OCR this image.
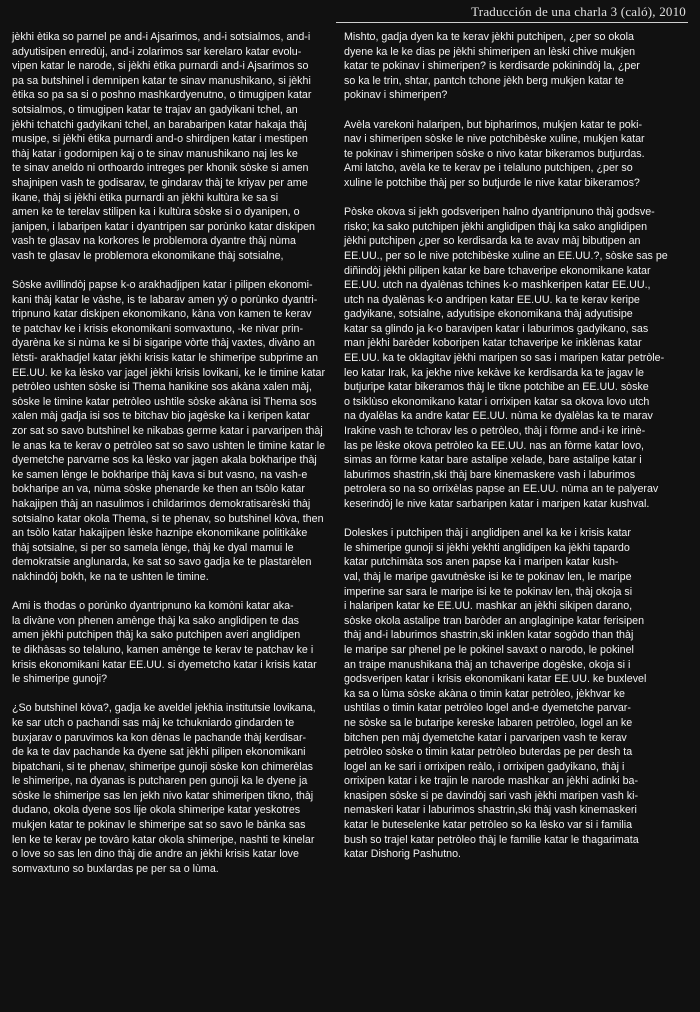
Traducción de una charla 3 (caló), 2010

jèkhi ètika so parnel pe and-i Ajsarimos, and-i sotsialmos, and-i
adyutisipen enredùj, and-i zolarimos sar kerelaro katar evolu-
vipen katar le narode, si jèkhi ètika purnardi and-i Ajsarimos so
pa sa butshinel i demnipen katar te sinav manushikano, si jèkhi
ètika so pa sa si o poshno mashkardyenutno, o timugipen katar
sotsialmos, o timugipen katar te trajav an gadyikani tchel, an
jèkhi tchatchi gadyikani tchel, an barabaripen katar hakaja thàj
musipe, si jèkhi ètika purnardi and-o shirdipen katar i mestipen
thàj katar i godornipen kaj o te sinav manushikano naj les ke
te sinav aneldo ni orthoardo intreges per khonik sòske si amen
shajnipen vash te godisarav, te gindarav thàj te kriyav per ame
ikane, thàj si jèkhi ètika purnardi an jèkhi kultùra ke sa si
amen ke te terelav stilipen ka i kultùra sòske si o dyanipen, o
janipen, i labaripen katar i dyantripen sar porùnko katar diskipen
vash te glasav na korkores le problemora dyantre thàj nùma
vash te glasav le problemora ekonomikane thàj sotsialne,

Sòske avillindòj papse k-o arakhadjipen katar i pilipen ekonomi-
kani thàj katar le vàshe, is te labarav amen yý o porùnko dyantri-
tripnuno katar diskipen ekonomikano, kàna von kamen te kerav
te patchav ke i krisis ekonomikani somvaxtuno, -ke nivar prin-
dyarèna ke si nùma ke si bi sigaripe vòrte thàj vaxtes, divàno an
lètsti- arakhadjel katar jèkhi krisis katar le shimeripe subprime an
EE.UU. ke ka lèsko var jagel jèkhi krisis lovikani, ke le timine katar
petròleo ushten sòske isi Thema hanikine sos akàna xalen màj,
sòske le timine katar petròleo ushtile sòske akàna isi Thema sos
xalen màj gadja isi sos te bitchav bio jagèske ka i keripen katar
zor sat so savo butshinel ke nikabas germe katar i parvaripen thàj
le anas ka te kerav o petròleo sat so savo ushten le timine katar le
dyemetche parvarne sos ka lèsko var jagen akala bokharipe thàj
ke samen lènge le bokharipe thàj kava si but vasno, na vash-e
bokharipe an va, nùma sòske phenarde ke then an tsòlo katar
hakajipen thàj an nasulimos i childarimos demokratisarèski thàj
sotsialno katar okola Thema, si te phenav, so butshinel kòva, then
an tsòlo katar hakajipen lèske haznipe ekonomikane politikàke
thàj sotsialne, si per so samela lènge, thàj ke dyal mamui le
demokratsie anglunarda, ke sat so savo gadja ke te plastarèlen
nakhindòj bokh, ke na te ushten le timine.

Ami is thodas o porùnko dyantripnuno ka komòni katar aka-
la divàne von phenen amènge thàj ka sako anglidipen te das
amen jèkhi putchipen thàj ka sako putchipen averi anglidipen
te dikhàsas so telaluno, kamen amènge te kerav te patchav ke i
krisis ekonomikani katar EE.UU. si dyemetcho katar i krisis katar
le shimeripe gunoji?

¿So butshinel kòva?, gadja ke aveldel jekhia institutsie lovikana,
ke sar utch o pachandi sas màj ke tchukniardo gindarden te
buxjarav o paruvimos ka kon dènas le pachande thàj kerdisar-
de ka te dav pachande ka dyene sat jèkhi pilipen ekonomikani
bipatchani, si te phenav, shimeripe gunoji sòske kon chimerèlas
le shimeripe, na dyanas is putcharen pen gunoji ka le dyene ja
sòske le shimeripe sas len jekh nivo katar shimeripen tikno, thàj
dudano, okola dyene sos lije okola shimeripe katar yeskotres
mukjen katar te pokinav le shimeripe sat so savo le bànka sas
len ke te kerav pe tovàro katar okola shimeripe, nashti te kinelar
o love so sas len dino thàj die andre an jèkhi krisis katar love
somvaxtuno so buxlardas pe per sa o lùma.

Mishto, gadja dyen ka te kerav jèkhi putchipen, ¿per so okola
dyene ka le ke dias pe jèkhi shimeripen an lèski chive mukjen
katar te pokinav i shimeripen? is kerdisarde pokinindòj la, ¿per
so ka le trin, shtar, pantch tchone jèkh berg mukjen katar te
pokinav i shimeripen?

Avèla varekoni halaripen, but bipharimos, mukjen katar te poki-
nav i shimeripen sòske le nive potchibèske xuline, mukjen katar
te pokinav i shimeripen sòske o nivo katar bikeramos butjurdas.
Ami latcho, avèla ke te kerav pe i telaluno putchipen, ¿per so
xuline le potchibe thàj per so butjurde le nive katar bikeramos?

Pòske okova si jekh godsveripen halno dyantripnuno thàj godsve-
risko; ka sako putchipen jèkhi anglidipen thàj ka sako anglidipen
jèkhi putchipen ¿per so kerdisarda ka te avav màj bibutipen an
EE.UU., per so le nive potchibèske xuline an EE.UU.?, sòske sas pe
diñindòj jèkhi pilipen katar ke bare tchaveripe ekonomikane katar
EE.UU. utch na dyalènas tchines k-o mashkeripen katar EE.UU.,
utch na dyalènas k-o andripen katar EE.UU. ka te kerav keripe
gadyikane, sotsialne, adyutisipe ekonomikana thàj adyutisipe
katar sa glindo ja k-o baravipen katar i laburimos gadyikano, sas
man jèkhi barèder koboripen katar tchaveripe ke inklènas katar
EE.UU. ka te oklagitav jèkhi maripen so sas i maripen katar petròle-
leo katar Irak, ka jekhe nive kekàve ke kerdisarda ka te jagav le
butjuripe katar bikeramos thàj le tikne potchibe an EE.UU. sòske
o tsiklùso ekonomikano katar i orrixipen katar sa okova lovo utch
na dyalèlas ka andre katar EE.UU. nùma ke dyalèlas ka te marav
Irakine vash te tchorav les o petròleo, thàj i fòrme and-i ke irinè-
las pe lèske okova petròleo ka EE.UU. nas an fòrme katar lovo,
simas an fòrme katar bare astalipe xelade, bare astalipe katar i
laburimos shastrin,ski thàj bare kinemaskere vash i laburimos
petrolera so na so orrixèlas papse an EE.UU. nùma an te palyerav
keserindòj le nive katar sarbaripen katar i maripen katar kushval.

Doleskes i putchipen thàj i anglidipen anel ka ke i krisis katar
le shimeripe gunoji si jèkhi yekhti anglidipen ka jèkhi tapardo
katar putchimàta sos anen papse ka i maripen katar kush-
val, thàj le maripe gavutnèske isi ke te pokinav len, le maripe
imperine sar sara le maripe isi ke te pokinav len, thàj okoja si
i halaripen katar ke EE.UU. mashkar an jèkhi sikipen darano,
sòske okola astalipe tran baròder an anglaginipe katar ferisipen
thàj and-i laburimos shastrin,ski inklen katar sogòdo than thàj
le maripe sar phenel pe le pokinel savaxt o narodo, le pokinel
an traipe manushikana thàj an tchaveripe dogèske, okoja si i
godsveripen katar i krisis ekonomikani katar EE.UU. ke buxlevel
ka sa o lùma sòske akàna o timin katar petròleo, jèkhvar ke
ushtilas o timin katar petròleo logel and-e dyemetche parvar-
ne sòske sa le butaripe kereske labaren petròleo, logel an ke
bitchen pen màj dyemetche katar i parvaripen vash te kerav
petròleo sòske o timin katar petròleo buterdas pe per desh ta
logel an ke sari i orrixipen reàlo, i orrixipen gadyikano, thàj i
orrixipen katar i ke trajin le narode mashkar an jèkhi adinki ba-
knasipen sòske si pe davindòj sari vash jèkhi maripen vash ki-
nemaskeri katar i laburimos shastrin,ski thàj vash kinemaskeri
katar le buteselenke katar petròleo so ka lèsko var si i familia
bush so trajel katar petròleo thàj le familie katar le thagarimata
katar Dishorig Pashutno.
